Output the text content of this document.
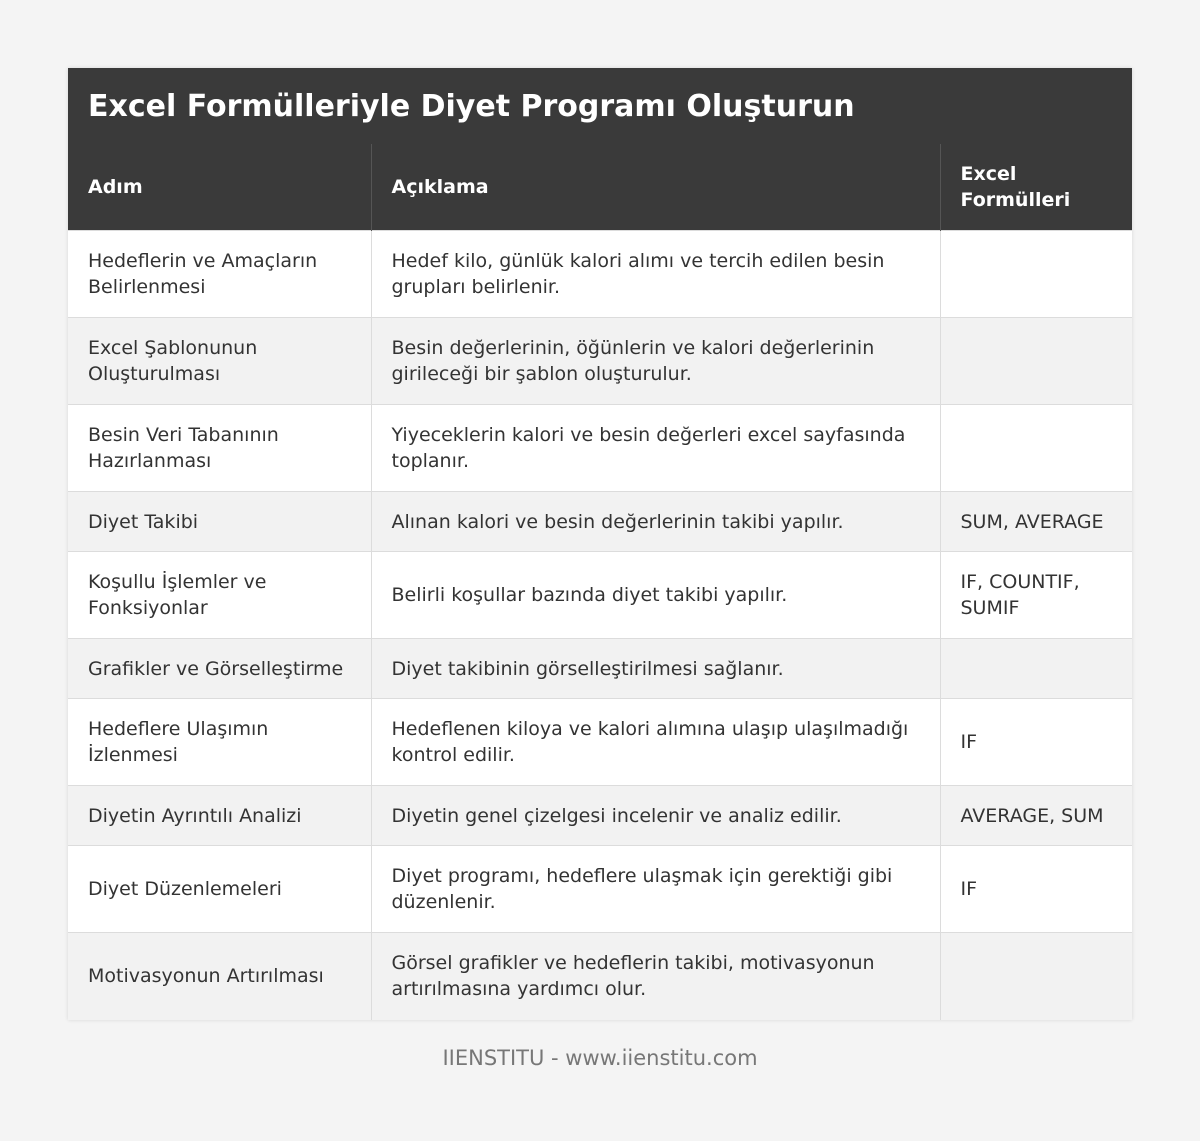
Excel Formülleriyle Diyet Programı Oluşturun
Adım	Açıklama	Excel Formülleri
Hedeflerin ve Amaçların Belirlenmesi	Hedef kilo, günlük kalori alımı ve tercih edilen besin grupları belirlenir.	
Excel Şablonunun Oluşturulması	Besin değerlerinin, öğünlerin ve kalori değerlerinin girileceği bir şablon oluşturulur.	
Besin Veri Tabanının Hazırlanması	Yiyeceklerin kalori ve besin değerleri excel sayfasında toplanır.	
Diyet Takibi	Alınan kalori ve besin değerlerinin takibi yapılır.	SUM, AVERAGE
Koşullu İşlemler ve Fonksiyonlar	Belirli koşullar bazında diyet takibi yapılır.	IF, COUNTIF, SUMIF
Grafikler ve Görselleştirme	Diyet takibinin görselleştirilmesi sağlanır.	
Hedeflere Ulaşımın İzlenmesi	Hedeflenen kiloya ve kalori alımına ulaşıp ulaşılmadığı kontrol edilir.	IF
Diyetin Ayrıntılı Analizi	Diyetin genel çizelgesi incelenir ve analiz edilir.	AVERAGE, SUM
Diyet Düzenlemeleri	Diyet programı, hedeflere ulaşmak için gerektiği gibi düzenlenir.	IF
Motivasyonun Artırılması	Görsel grafikler ve hedeflerin takibi, motivasyonun artırılmasına yardımcı olur.	
IIENSTITU - www.iienstitu.com
